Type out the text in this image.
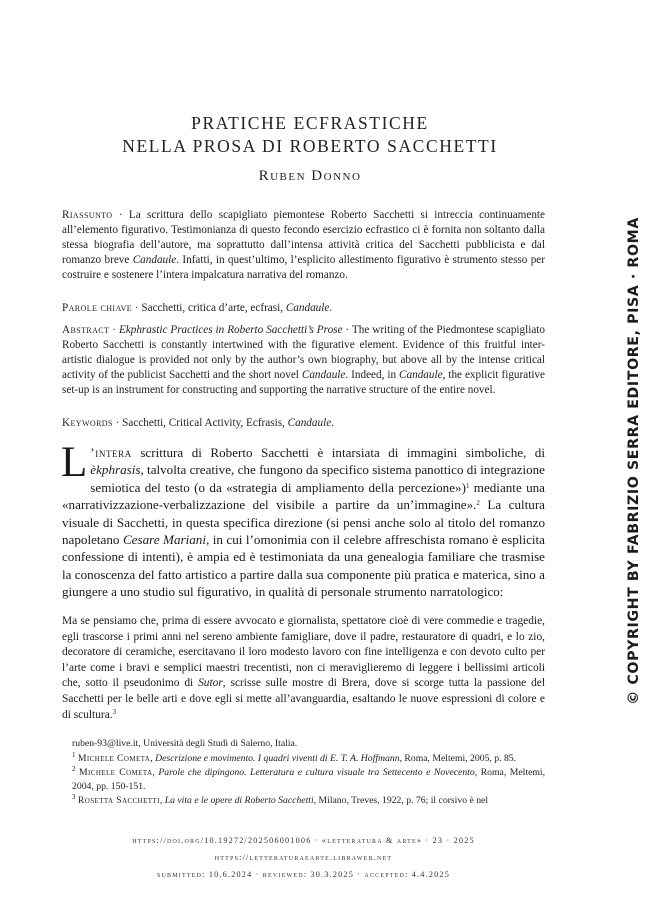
PRATICHE ECFRASTICHE
NELLA PROSA DI ROBERTO SACCHETTI
Ruben Donno
Riassunto · La scrittura dello scapigliato piemontese Roberto Sacchetti si intreccia continuamente all’elemento figurativo. Testimonianza di questo fecondo esercizio ecfrastico ci è fornita non soltanto dalla stessa biografia dell’autore, ma soprattutto dall’intensa attività critica del Sacchetti pubblicista e dal romanzo breve Candaule. Infatti, in quest’ultimo, l’esplicito allestimento figurativo è strumento stesso per costruire e sostenere l’intera impalcatura narrativa del romanzo.
Parole chiave · Sacchetti, critica d’arte, ecfrasi, Candaule.
Abstract · Ekphrastic Practices in Roberto Sacchetti’s Prose · The writing of the Piedmontese scapigliato Roberto Sacchetti is constantly intertwined with the figurative element. Evidence of this fruitful inter-artistic dialogue is provided not only by the author’s own biography, but above all by the intense critical activity of the publicist Sacchetti and the short novel Candaule. Indeed, in Candaule, the explicit figurative set-up is an instrument for constructing and supporting the narrative structure of the entire novel.
Keywords · Sacchetti, Critical Activity, Ecfrasis, Candaule.
L ’intera scrittura di Roberto Sacchetti è intarsiata di immagini simboliche, di èkphrasis, talvolta creative, che fungono da specifico sistema panottico di integrazione semiotica del testo (o da «strategia di ampliamento della percezione»)$^1$ mediante una «narrativizzazione-verbalizzazione del visibile a partire da un’immagine».$^2$ La cultura visuale di Sacchetti, in questa specifica direzione (si pensi anche solo al titolo del romanzo napoletano Cesare Mariani, in cui l’omonimia con il celebre affreschista romano è esplicita confessione di intenti), è ampia ed è testimoniata da una genealogia familiare che trasmise la conoscenza del fatto artistico a partire dalla sua componente più pratica e materica, sino a giungere a uno studio sul figurativo, in qualità di personale strumento narratologico:
Ma se pensiamo che, prima di essere avvocato e giornalista, spettatore cioè di vere commedie e tragedie, egli trascorse i primi anni nel sereno ambiente famigliare, dove il padre, restauratore di quadri, e lo zio, decoratore di ceramiche, esercitavano il loro modesto lavoro con fine intelligenza e con devoto culto per l’arte come i bravi e semplici maestri trecentisti, non ci meraviglieremo di leggere i bellissimi articoli che, sotto il pseudonimo di Sutor, scrisse sulle mostre di Brera, dove si scorge tutta la passione del Sacchetti per le belle arti e dove egli si mette all’avanguardia, esaltando le nuove espressioni di colore e di scultura.$^3$

ruben-93@live.it, Università degli Studi di Salerno, Italia.

$^1$ Michele Cometa, Descrizione e movimento. I quadri viventi di E. T. A. Hoffmann, Roma, Meltemi, 2005, p. 85.

$^2$ Michele Cometa, Parole che dipingono. Letteratura e cultura visuale tra Settecento e Novecento, Roma, Meltemi, 2004, pp. 150-151.

$^3$ Rosetta Sacchetti, La vita e le opere di Roberto Sacchetti, Milano, Treves, 1922, p. 76; il corsivo è nel

https://doi.org/10.19272/202506001006 · «letteratura & arte» · 23 · 2025
https://letteraturaearte.libraweb.net
submitted: 10.6.2024 · reviewed: 30.3.2025 · accepted: 4.4.2025
© COPYRIGHT BY FABRIZIO SERRA EDITORE, PISA · ROMA
